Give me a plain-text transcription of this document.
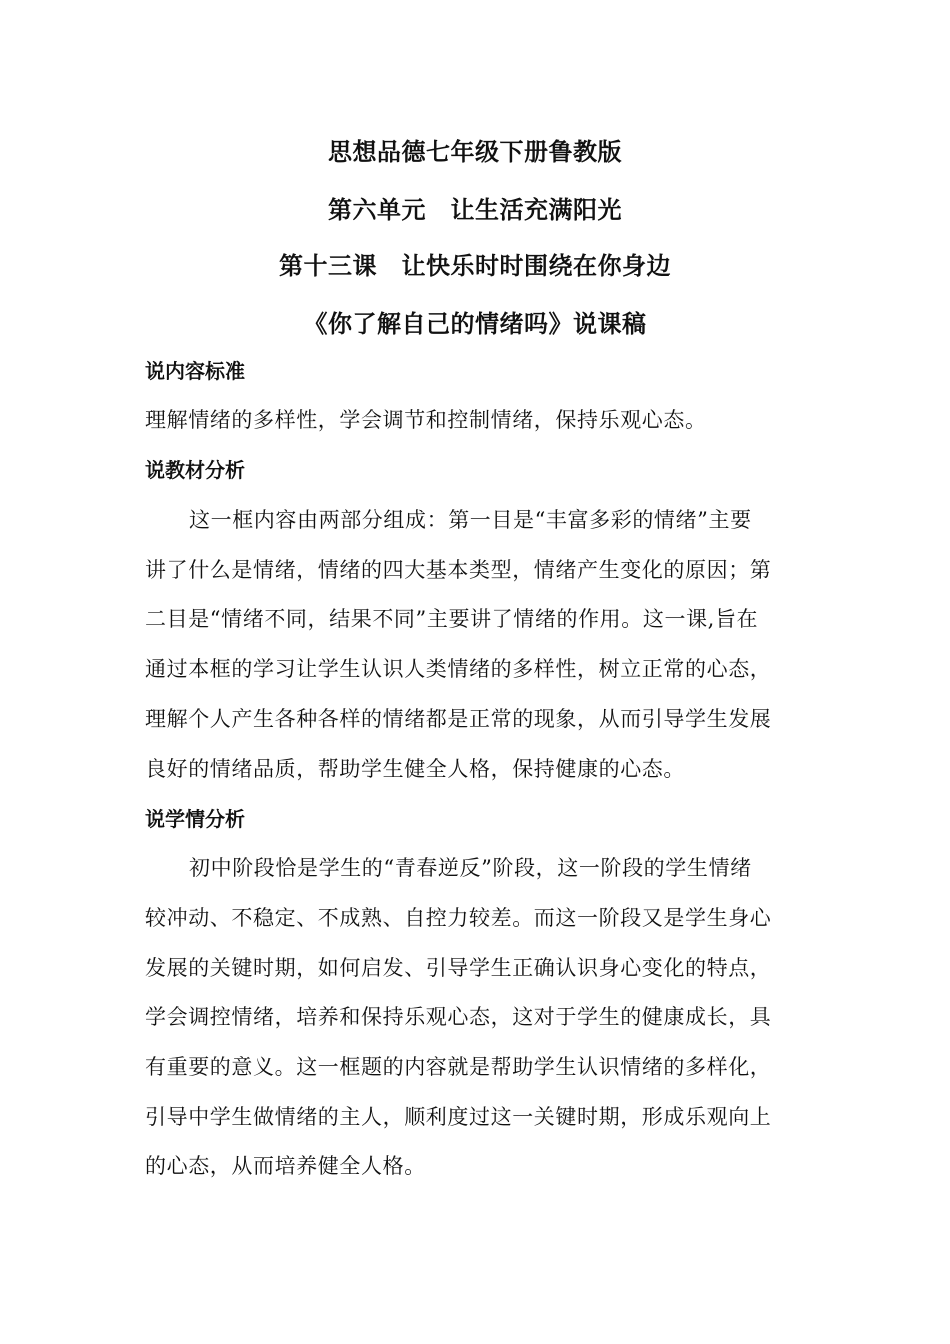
思想品德七年级下册鲁教版
第六单元　让生活充满阳光
第十三课　让快乐时时围绕在你身边
《你了解自己的情绪吗》说课稿
说内容标准
理解情绪的多样性，学会调节和控制情绪，保持乐观心态。
说教材分析
这一框内容由两部分组成：第一目是“丰富多彩的情绪”主要
讲了什么是情绪，情绪的四大基本类型，情绪产生变化的原因；第
二目是“情绪不同，结果不同”主要讲了情绪的作用。这一课,旨在
通过本框的学习让学生认识人类情绪的多样性，树立正常的心态，
理解个人产生各种各样的情绪都是正常的现象，从而引导学生发展
良好的情绪品质，帮助学生健全人格，保持健康的心态。
说学情分析
初中阶段恰是学生的“青春逆反”阶段，这一阶段的学生情绪
较冲动、不稳定、不成熟、自控力较差。而这一阶段又是学生身心
发展的关键时期，如何启发、引导学生正确认识身心变化的特点，
学会调控情绪，培养和保持乐观心态，这对于学生的健康成长，具
有重要的意义。这一框题的内容就是帮助学生认识情绪的多样化，
引导中学生做情绪的主人，顺利度过这一关键时期，形成乐观向上
的心态，从而培养健全人格。
